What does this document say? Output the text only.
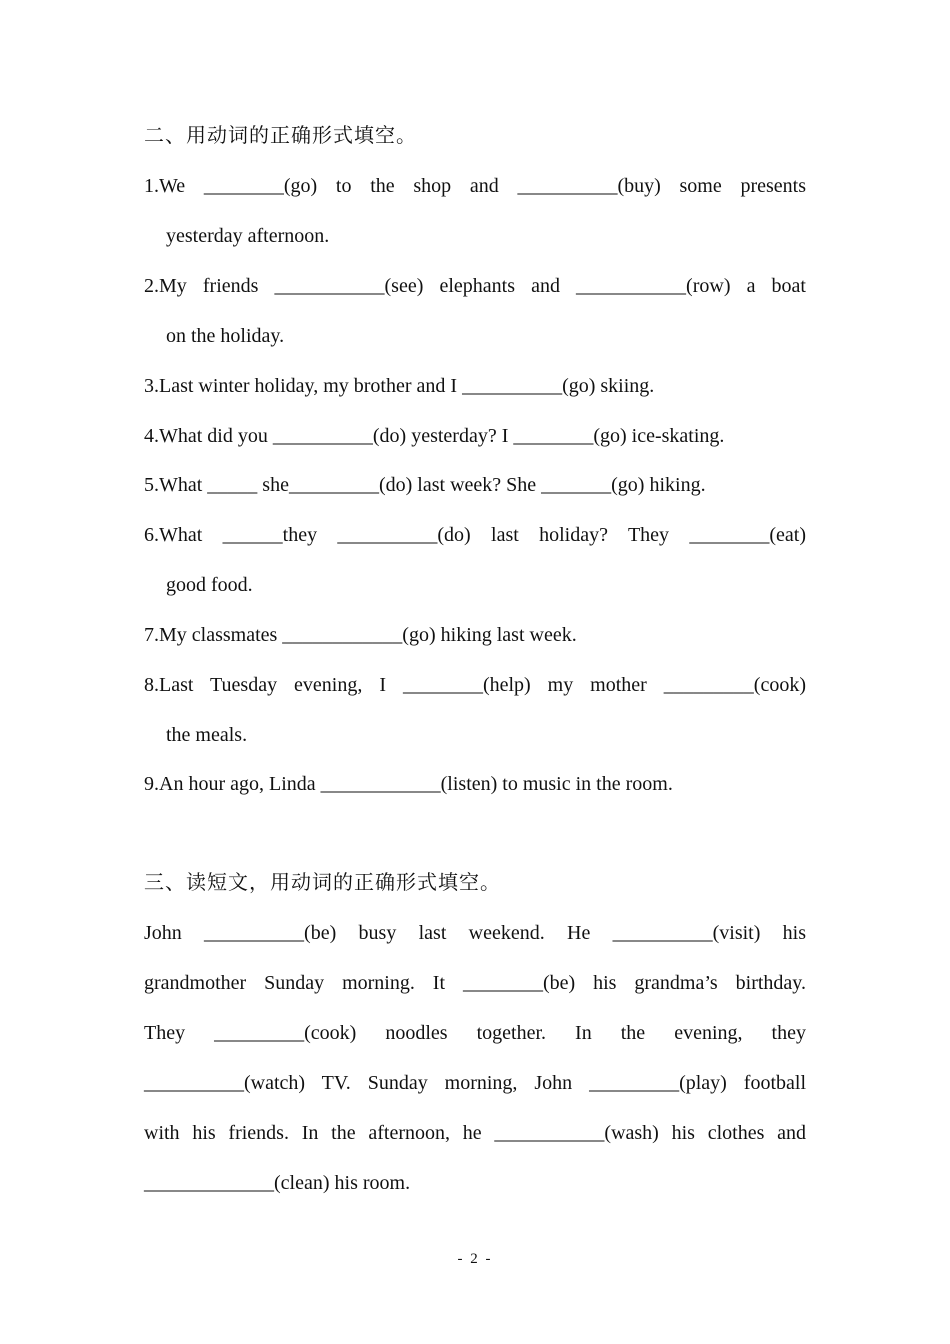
二、用动词的正确形式填空。
1.We ________(go) to the shop and __________(buy) some presents
yesterday afternoon.
2.My friends ___________(see) elephants and ___________(row) a boat
on the holiday.
3.Last winter holiday, my brother and I __________(go) skiing.
4.What did you __________(do) yesterday? I ________(go) ice-skating.
5.What _____ she_________(do) last week? She _______(go) hiking.
6.What ______they __________(do) last holiday? They ________(eat)
good food.
7.My classmates ____________(go) hiking last week.
8.Last Tuesday evening, I ________(help) my mother _________(cook)
the meals.
9.An hour ago, Linda ____________(listen) to music in the room.
三、读短文，用动词的正确形式填空。
John __________(be) busy last weekend. He __________(visit) his
grandmother Sunday morning. It ________(be) his grandma’s birthday.
They _________(cook) noodles together. In the evening, they
__________(watch) TV. Sunday morning, John _________(play) football
with his friends. In the afternoon, he ___________(wash) his clothes and
_____________(clean) his room.
- 2 -
